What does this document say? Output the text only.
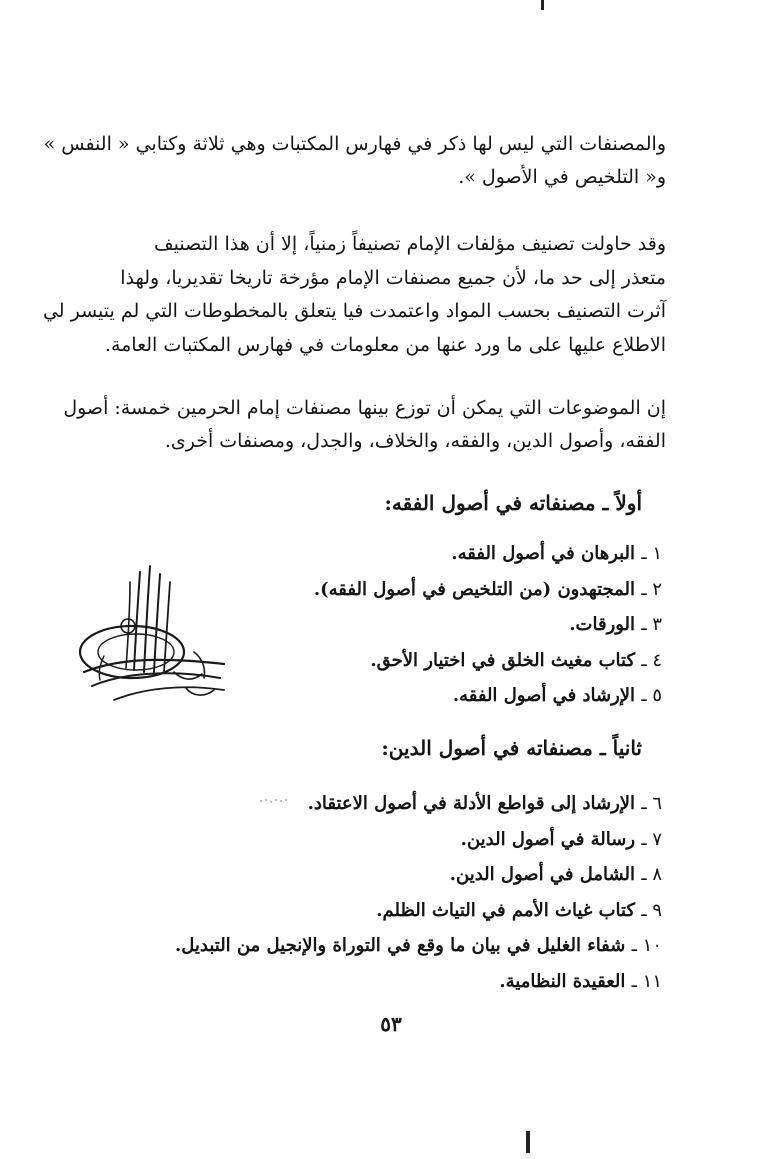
والمصنفات التي ليس لها ذكر في فهارس المكتبات وهي ثلاثة وكتابي « النفس »
و« التلخيص في الأصول ».

وقد حاولت تصنيف مؤلفات الإمام تصنيفاً زمنياً، إلا أن هذا التصنيف
متعذر إلى حد ما، لأن جميع مصنفات الإمام مؤرخة تاريخا تقديريا، ولهذا
آثرت التصنيف بحسب المواد واعتمدت فيا يتعلق بالمخطوطات التي لم يتيسر لي
الاطلاع عليها على ما ورد عنها من معلومات في فهارس المكتبات العامة.

إن الموضوعات التي يمكن أن توزع بينها مصنفات إمام الحرمين خمسة: أصول
الفقه، وأصول الدين، والفقه، والخلاف، والجدل، ومصنفات أخرى.

أولاً ـ مصنفاته في أصول الفقه:
١ ـ البرهان في أصول الفقه.
٢ ـ المجتهدون (من التلخيص في أصول الفقه).
٣ ـ الورقات.
٤ ـ كتاب مغيث الخلق في اختيار الأحق.
٥ ـ الإرشاد في أصول الفقه.
ثانياً ـ مصنفاته في أصول الدين:
٦ ـ الإرشاد إلى قواطع الأدلة في أصول الاعتقاد.
٧ ـ رسالة في أصول الدين.
٨ ـ الشامل في أصول الدين.
٩ ـ كتاب غياث الأمم في التياث الظلم.
١٠ ـ شفاء الغليل في بيان ما وقع في التوراة والإنجيل من التبديل.
١١ ـ العقيدة النظامية.
٥٣
